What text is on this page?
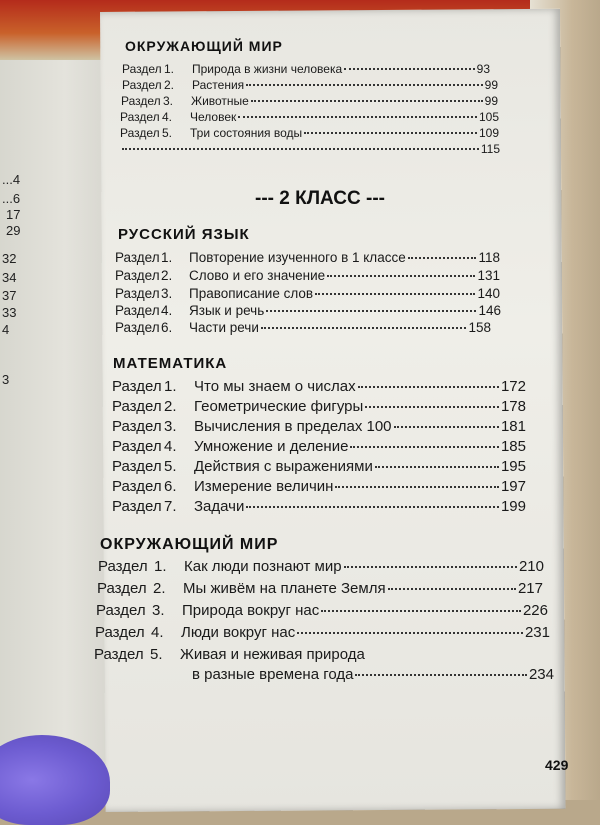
...4
...6
17
29
32
34
37
33
4
3
ОКРУЖАЮЩИЙ МИР
Раздел 1.	Природа в жизни человека	93
Раздел 2.	Растения	99
Раздел 3.	Животные	99
Раздел 4.	Человек	105
Раздел 5.	Три состояния воды	109
115
--- 2 КЛАСС ---
РУССКИЙ ЯЗЫК
Раздел 1.	Повторение изученного в 1 классе	118
Раздел 2.	Слово и его значение	131
Раздел 3.	Правописание слов	140
Раздел 4.	Язык и речь	146
Раздел 6.	Части речи	158
МАТЕМАТИКА
Раздел 1.	Что мы знаем о числах	172
Раздел 2.	Геометрические фигуры	178
Раздел 3.	Вычисления в пределах 100	181
Раздел 4.	Умножение и деление	185
Раздел 5.	Действия с выражениями	195
Раздел 6.	Измерение величин	197
Раздел 7.	Задачи	199
ОКРУЖАЮЩИЙ МИР
Раздел 1.	Как люди познают мир	210
Раздел 2.	Мы живём на планете Земля	217
Раздел 3.	Природа вокруг нас	226
Раздел 4.	Люди вокруг нас	231
Раздел 5.	Живая и неживая природа
в разные времена года	234
429
